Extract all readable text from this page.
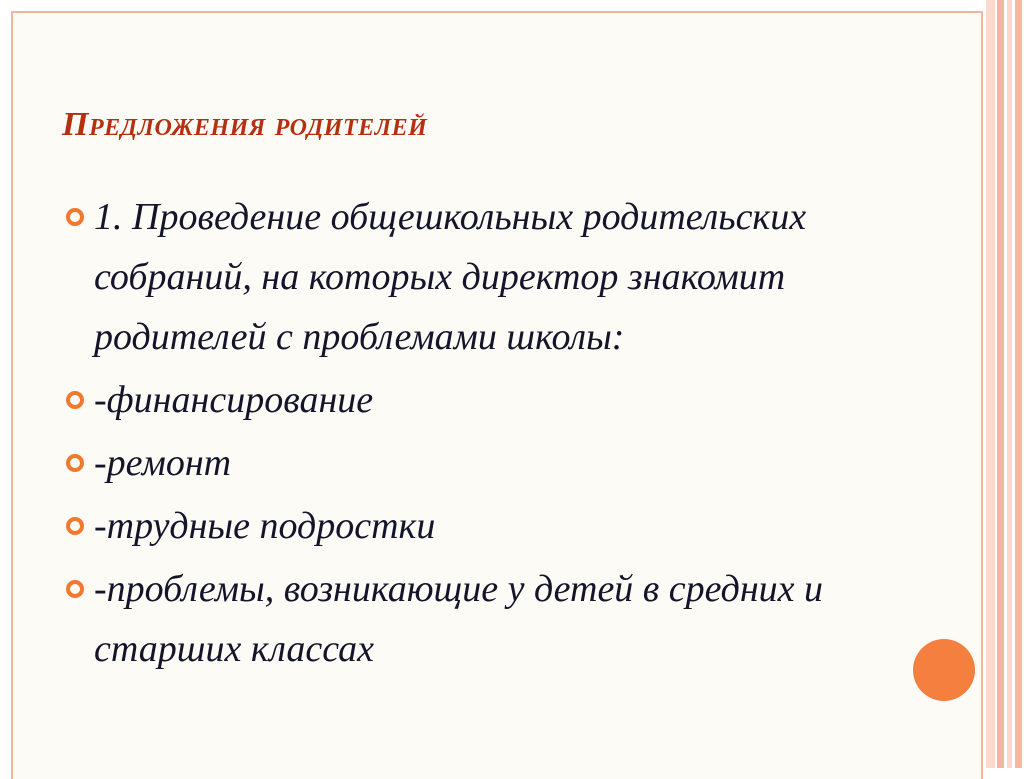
Предложения родителей
1. Проведение общешкольных родительских собраний, на которых директор знакомит родителей с проблемами школы:
-финансирование
-ремонт
-трудные подростки
-проблемы, возникающие у детей в средних и старших классах
